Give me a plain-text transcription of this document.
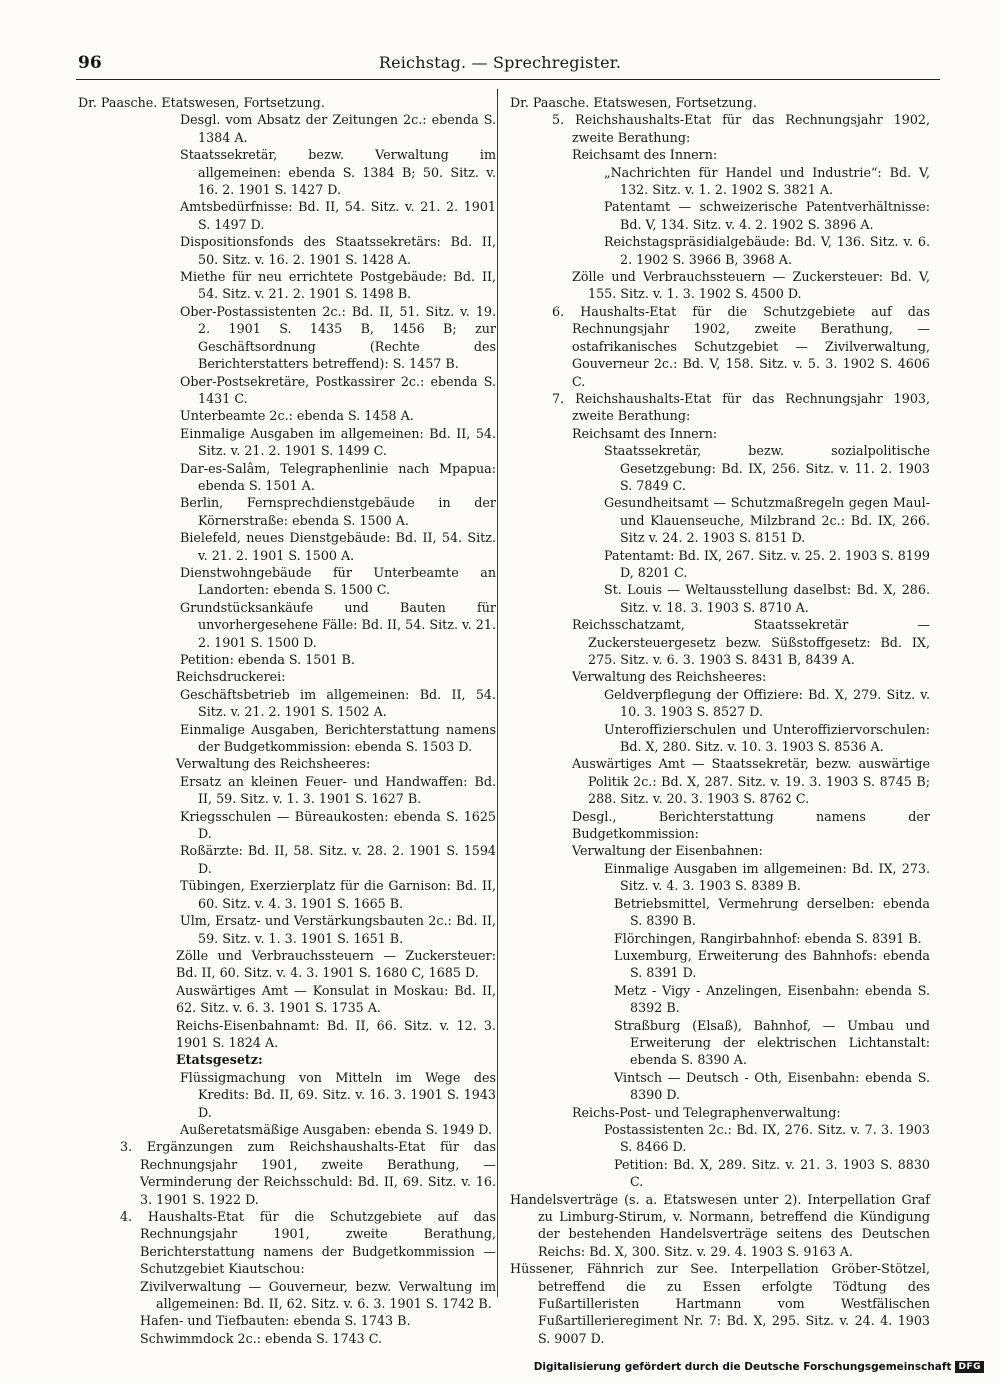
96	Reichstag. — Sprechregister.

Dr. Paasche. Etatswesen, Fortsetzung.

Desgl. vom Absatz der Zeitungen 2c.: ebenda S. 1384 A.

Staatssekretär, bezw. Verwaltung im allgemeinen: ebenda S. 1384 B; 50. Sitz. v. 16. 2. 1901 S. 1427 D.

Amtsbedürfnisse: Bd. II, 54. Sitz. v. 21. 2. 1901 S. 1497 D.

Dispositionsfonds des Staatssekretärs: Bd. II, 50. Sitz. v. 16. 2. 1901 S. 1428 A.

Miethe für neu errichtete Postgebäude: Bd. II, 54. Sitz. v. 21. 2. 1901 S. 1498 B.

Ober-Postassistenten 2c.: Bd. II, 51. Sitz. v. 19. 2. 1901 S. 1435 B, 1456 B; zur Geschäftsordnung (Rechte des Berichterstatters betreffend): S. 1457 B.

Ober-Postsekretäre, Postkassirer 2c.: ebenda S. 1431 C.

Unterbeamte 2c.: ebenda S. 1458 A.

Einmalige Ausgaben im allgemeinen: Bd. II, 54. Sitz. v. 21. 2. 1901 S. 1499 C.

Dar-es-Salâm, Telegraphenlinie nach Mpapua: ebenda S. 1501 A.

Berlin, Fernsprechdienstgebäude in der Körnerstraße: ebenda S. 1500 A.

Bielefeld, neues Dienstgebäude: Bd. II, 54. Sitz. v. 21. 2. 1901 S. 1500 A.

Dienstwohngebäude für Unterbeamte an Landorten: ebenda S. 1500 C.

Grundstücksankäufe und Bauten für unvorhergesehene Fälle: Bd. II, 54. Sitz. v. 21. 2. 1901 S. 1500 D.

Petition: ebenda S. 1501 B.

Reichsdruckerei:

Geschäftsbetrieb im allgemeinen: Bd. II, 54. Sitz. v. 21. 2. 1901 S. 1502 A.

Einmalige Ausgaben, Berichterstattung namens der Budgetkommission: ebenda S. 1503 D.

Verwaltung des Reichsheeres:

Ersatz an kleinen Feuer- und Handwaffen: Bd. II, 59. Sitz. v. 1. 3. 1901 S. 1627 B.

Kriegsschulen — Büreaukosten: ebenda S. 1625 D.

Roßärzte: Bd. II, 58. Sitz. v. 28. 2. 1901 S. 1594 D.

Tübingen, Exerzierplatz für die Garnison: Bd. II, 60. Sitz. v. 4. 3. 1901 S. 1665 B.

Ulm, Ersatz- und Verstärkungsbauten 2c.: Bd. II, 59. Sitz. v. 1. 3. 1901 S. 1651 B.

Zölle und Verbrauchssteuern — Zuckersteuer: Bd. II, 60. Sitz. v. 4. 3. 1901 S. 1680 C, 1685 D.

Auswärtiges Amt — Konsulat in Moskau: Bd. II, 62. Sitz. v. 6. 3. 1901 S. 1735 A.

Reichs-Eisenbahnamt: Bd. II, 66. Sitz. v. 12. 3. 1901 S. 1824 A.

Etatsgesetz:

Flüssigmachung von Mitteln im Wege des Kredits: Bd. II, 69. Sitz. v. 16. 3. 1901 S. 1943 D.

Außeretatsmäßige Ausgaben: ebenda S. 1949 D.

3. Ergänzungen zum Reichshaushalts-Etat für das Rechnungsjahr 1901, zweite Berathung, — Verminderung der Reichsschuld: Bd. II, 69. Sitz. v. 16. 3. 1901 S. 1922 D.

4. Haushalts-Etat für die Schutzgebiete auf das Rechnungsjahr 1901, zweite Berathung, Berichterstattung namens der Budgetkommission — Schutzgebiet Kiautschou:

Zivilverwaltung — Gouverneur, bezw. Verwaltung im allgemeinen: Bd. II, 62. Sitz. v. 6. 3. 1901 S. 1742 B.

Hafen- und Tiefbauten: ebenda S. 1743 B.

Schwimmdock 2c.: ebenda S. 1743 C.

Dr. Paasche. Etatswesen, Fortsetzung.

5. Reichshaushalts-Etat für das Rechnungsjahr 1902, zweite Berathung:

Reichsamt des Innern:

„Nachrichten für Handel und Industrie“: Bd. V, 132. Sitz. v. 1. 2. 1902 S. 3821 A.

Patentamt — schweizerische Patentverhältnisse: Bd. V, 134. Sitz. v. 4. 2. 1902 S. 3896 A.

Reichstagspräsidialgebäude: Bd. V, 136. Sitz. v. 6. 2. 1902 S. 3966 B, 3968 A.

Zölle und Verbrauchssteuern — Zuckersteuer: Bd. V, 155. Sitz. v. 1. 3. 1902 S. 4500 D.

6. Haushalts-Etat für die Schutzgebiete auf das Rechnungsjahr 1902, zweite Berathung, — ostafrikanisches Schutzgebiet — Zivilverwaltung, Gouverneur 2c.: Bd. V, 158. Sitz. v. 5. 3. 1902 S. 4606 C.

7. Reichshaushalts-Etat für das Rechnungsjahr 1903, zweite Berathung:

Reichsamt des Innern:

Staatssekretär, bezw. sozialpolitische Gesetzgebung: Bd. IX, 256. Sitz. v. 11. 2. 1903 S. 7849 C.

Gesundheitsamt — Schutzmaßregeln gegen Maul- und Klauenseuche, Milzbrand 2c.: Bd. IX, 266. Sitz v. 24. 2. 1903 S. 8151 D.

Patentamt: Bd. IX, 267. Sitz. v. 25. 2. 1903 S. 8199 D, 8201 C.

St. Louis — Weltausstellung daselbst: Bd. X, 286. Sitz. v. 18. 3. 1903 S. 8710 A.

Reichsschatzamt, Staatssekretär — Zuckersteuergesetz bezw. Süßstoffgesetz: Bd. IX, 275. Sitz. v. 6. 3. 1903 S. 8431 B, 8439 A.

Verwaltung des Reichsheeres:

Geldverpflegung der Offiziere: Bd. X, 279. Sitz. v. 10. 3. 1903 S. 8527 D.

Unteroffizierschulen und Unteroffiziervorschulen: Bd. X, 280. Sitz. v. 10. 3. 1903 S. 8536 A.

Auswärtiges Amt — Staatssekretär, bezw. auswärtige Politik 2c.: Bd. X, 287. Sitz. v. 19. 3. 1903 S. 8745 B; 288. Sitz. v. 20. 3. 1903 S. 8762 C.

Desgl., Berichterstattung namens der Budgetkommission:

Verwaltung der Eisenbahnen:

Einmalige Ausgaben im allgemeinen: Bd. IX, 273. Sitz. v. 4. 3. 1903 S. 8389 B.

Betriebsmittel, Vermehrung derselben: ebenda S. 8390 B.

Flörchingen, Rangirbahnhof: ebenda S. 8391 B.

Luxemburg, Erweiterung des Bahnhofs: ebenda S. 8391 D.

Metz - Vigy - Anzelingen, Eisenbahn: ebenda S. 8392 B.

Straßburg (Elsaß), Bahnhof, — Umbau und Erweiterung der elektrischen Lichtanstalt: ebenda S. 8390 A.

Vintsch — Deutsch - Oth, Eisenbahn: ebenda S. 8390 D.

Reichs-Post- und Telegraphenverwaltung:

Postassistenten 2c.: Bd. IX, 276. Sitz. v. 7. 3. 1903 S. 8466 D.

Petition: Bd. X, 289. Sitz. v. 21. 3. 1903 S. 8830 C.

Handelsverträge (s. a. Etatswesen unter 2). Interpellation Graf zu Limburg-Stirum, v. Normann, betreffend die Kündigung der bestehenden Handelsverträge seitens des Deutschen Reichs: Bd. X, 300. Sitz. v. 29. 4. 1903 S. 9163 A.

Hüssener, Fähnrich zur See. Interpellation Gröber-Stötzel, betreffend die zu Essen erfolgte Tödtung des Fußartilleristen Hartmann vom Westfälischen Fußartillerieregiment Nr. 7: Bd. X, 295. Sitz. v. 24. 4. 1903 S. 9007 D.

Digitalisierung gefördert durch die Deutsche Forschungsgemeinschaft DFG
